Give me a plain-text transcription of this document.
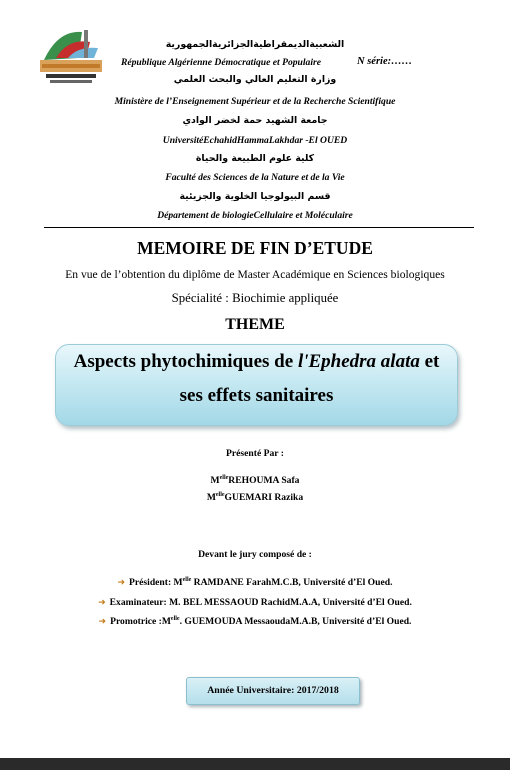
الشعبيةالديمقراطيةالجزائريةالجمهورية
République Algérienne Démocratique et Populaire	N série:……
وزارة التعليم العالي والبحث العلمي
Ministère de l’Enseignement Supérieur et de la Recherche Scientifique
جامعة الشهيد حمة لخضر الوادي
UniversitéEchahidHammaLakhdar -El OUED
كلية علوم الطبيعة والحياة
Faculté des Sciences de la Nature et de la Vie
قسم البيولوجيا الخلوية والجزيئية
Département de biologieCellulaire et Moléculaire
MEMOIRE DE FIN D’ETUDE
En vue de l’obtention du diplôme de Master Académique en Sciences biologiques
Spécialité : Biochimie appliquée
THEME
Aspects phytochimiques de l'Ephedra alata et
ses effets sanitaires
Présenté Par :
$M^{elle}REHOUMA$ Safa
$M^{elle}GUEMARI$ Razika
Devant le jury composé de :
➜ Président: $M^{elle}$ RAMDANE FarahM.C.B, Université d’El Oued.
➜ Examinateur: M. BEL MESSAOUD RachidM.A.A, Université d’El Oued.
➜ Promotrice $:M^{elle}$. GUEMOUDA MessaoudaM.A.B, Université d’El Oued.
Année Universitaire: 2017/2018
